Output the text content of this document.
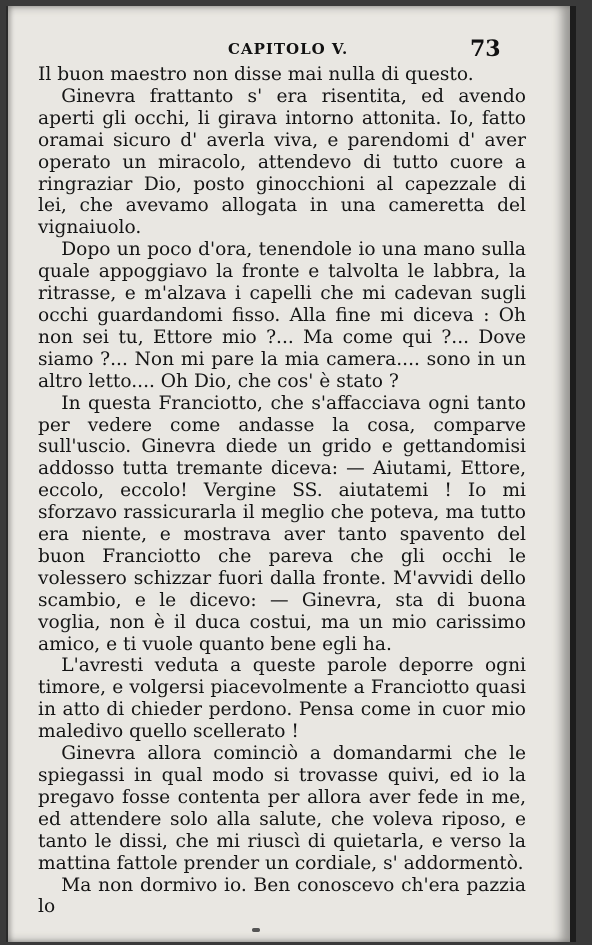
CAPITOLO V.	73

Il buon maestro non disse mai nulla di questo.

Ginevra frattanto s' era risentita, ed avendo aperti gli occhi, li girava intorno attonita. Io, fatto oramai sicuro d' averla viva, e parendomi d' aver operato un miracolo, attendevo di tutto cuore a ringraziar Dio, posto ginocchioni al capezzale di lei, che avevamo allogata in una cameretta del vignaiuolo.

Dopo un poco d'ora, tenendole io una mano sulla quale appoggiavo la fronte e talvolta le labbra, la ritrasse, e m'alzava i capelli che mi cadevan sugli occhi guardandomi fisso. Alla fine mi diceva : Oh non sei tu, Ettore mio ?... Ma come qui ?... Dove siamo ?... Non mi pare la mia camera.... sono in un altro letto.... Oh Dio, che cos' è stato ?

In questa Franciotto, che s'affacciava ogni tanto per vedere come andasse la cosa, comparve sull'uscio. Ginevra diede un grido e gettandomisi addosso tutta tremante diceva: — Aiutami, Ettore, eccolo, eccolo! Vergine SS. aiutatemi ! Io mi sforzavo rassicurarla il meglio che poteva, ma tutto era niente, e mostrava aver tanto spavento del buon Franciotto che pareva che gli occhi le volessero schizzar fuori dalla fronte. M'avvidi dello scambio, e le dicevo: — Ginevra, sta di buona voglia, non è il duca costui, ma un mio carissimo amico, e ti vuole quanto bene egli ha.

L'avresti veduta a queste parole deporre ogni timore, e volgersi piacevolmente a Franciotto quasi in atto di chieder perdono. Pensa come in cuor mio maledivo quello scellerato !

Ginevra allora cominciò a domandarmi che le spiegassi in qual modo si trovasse quivi, ed io la pregavo fosse contenta per allora aver fede in me, ed attendere solo alla salute, che voleva riposo, e tanto le dissi, che mi riuscì di quietarla, e verso la mattina fattole prender un cordiale, s' addormentò.

Ma non dormivo io. Ben conoscevo ch'era pazzia lo
